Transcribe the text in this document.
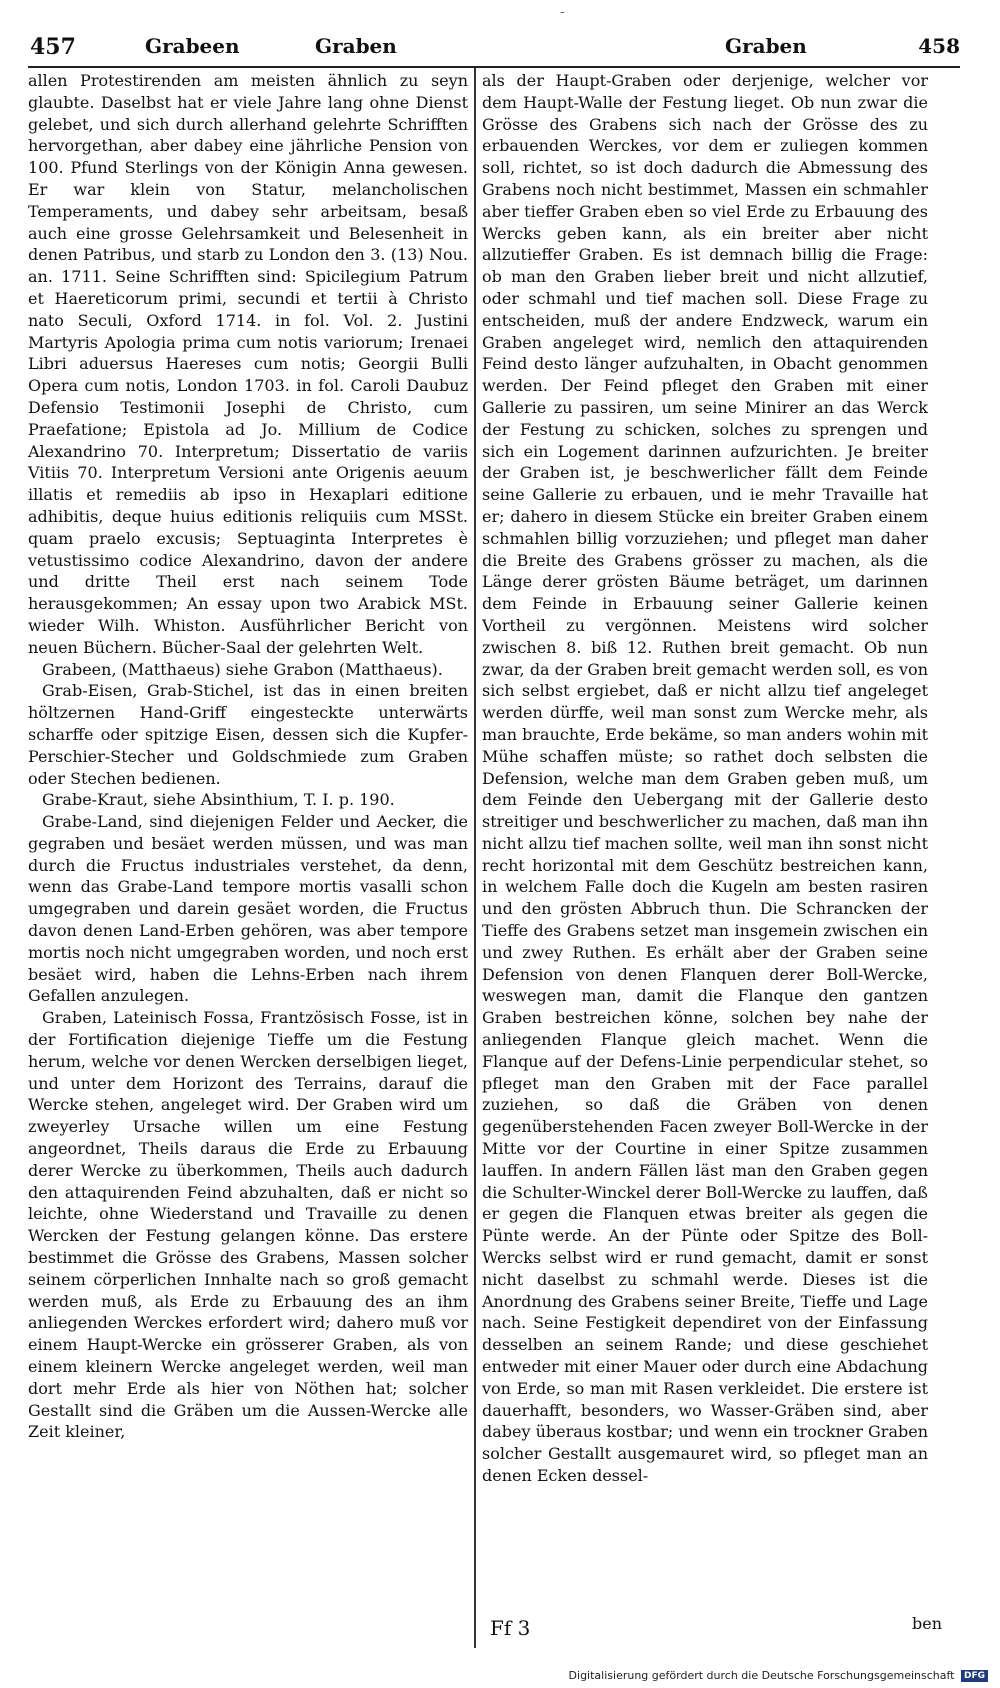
-
457	Grabeen	Graben	Graben	458

allen Protestirenden am meisten ähnlich zu seyn glaubte. Daselbst hat er viele Jahre lang ohne Dienst gelebet, und sich durch allerhand gelehrte Schrifften hervorgethan, aber dabey eine jährliche Pension von 100. Pfund Sterlings von der Königin Anna gewesen. Er war klein von Statur, melancholischen Temperaments, und dabey sehr arbeitsam, besaß auch eine grosse Gelehrsamkeit und Belesenheit in denen Patribus, und starb zu London den 3. (13) Nou. an. 1711. Seine Schrifften sind: Spicilegium Patrum et Haereticorum primi, secundi et tertii à Christo nato Seculi, Oxford 1714. in fol. Vol. 2. Justini Martyris Apologia prima cum notis variorum; Irenaei Libri aduersus Haereses cum notis; Georgii Bulli Opera cum notis, London 1703. in fol. Caroli Daubuz Defensio Testimonii Josephi de Christo, cum Praefatione; Epistola ad Jo. Millium de Codice Alexandrino 70. Interpretum; Dissertatio de variis Vitiis 70. Interpretum Versioni ante Origenis aeuum illatis et remediis ab ipso in Hexaplari editione adhibitis, deque huius editionis reliquiis cum MSSt. quam praelo excusis; Septuaginta Interpretes è vetustissimo codice Alexandrino, davon der andere und dritte Theil erst nach seinem Tode herausgekommen; An essay upon two Arabick MSt. wieder Wilh. Whiston. Ausführlicher Bericht von neuen Büchern. Bücher-Saal der gelehrten Welt.

Grabeen, (Matthaeus) siehe Grabon (Matthaeus).

Grab-Eisen, Grab-Stichel, ist das in einen breiten höltzernen Hand-Griff eingesteckte unterwärts scharffe oder spitzige Eisen, dessen sich die Kupfer-Perschier-Stecher und Goldschmiede zum Graben oder Stechen bedienen.

Grabe-Kraut, siehe Absinthium, T. I. p. 190.

Grabe-Land, sind diejenigen Felder und Aecker, die gegraben und besäet werden müssen, und was man durch die Fructus industriales verstehet, da denn, wenn das Grabe-Land tempore mortis vasalli schon umgegraben und darein gesäet worden, die Fructus davon denen Land-Erben gehören, was aber tempore mortis noch nicht umgegraben worden, und noch erst besäet wird, haben die Lehns-Erben nach ihrem Gefallen anzulegen.

Graben, Lateinisch Fossa, Frantzösisch Fosse, ist in der Fortification diejenige Tieffe um die Festung herum, welche vor denen Wercken derselbigen lieget, und unter dem Horizont des Terrains, darauf die Wercke stehen, angeleget wird. Der Graben wird um zweyerley Ursache willen um eine Festung angeordnet, Theils daraus die Erde zu Erbauung derer Wercke zu überkommen, Theils auch dadurch den attaquirenden Feind abzuhalten, daß er nicht so leichte, ohne Wiederstand und Travaille zu denen Wercken der Festung gelangen könne. Das erstere bestimmet die Grösse des Grabens, Massen solcher seinem cörperlichen Innhalte nach so groß gemacht werden muß, als Erde zu Erbauung des an ihm anliegenden Werckes erfordert wird; dahero muß vor einem Haupt-Wercke ein grösserer Graben, als von einem kleinern Wercke angeleget werden, weil man dort mehr Erde als hier von Nöthen hat; solcher Gestallt sind die Gräben um die Aussen-Wercke alle Zeit kleiner,

als der Haupt-Graben oder derjenige, welcher vor dem Haupt-Walle der Festung lieget. Ob nun zwar die Grösse des Grabens sich nach der Grösse des zu erbauenden Werckes, vor dem er zuliegen kommen soll, richtet, so ist doch dadurch die Abmessung des Grabens noch nicht bestimmet, Massen ein schmahler aber tieffer Graben eben so viel Erde zu Erbauung des Wercks geben kann, als ein breiter aber nicht allzutieffer Graben. Es ist demnach billig die Frage: ob man den Graben lieber breit und nicht allzutief, oder schmahl und tief machen soll. Diese Frage zu entscheiden, muß der andere Endzweck, warum ein Graben angeleget wird, nemlich den attaquirenden Feind desto länger aufzuhalten, in Obacht genommen werden. Der Feind pfleget den Graben mit einer Gallerie zu passiren, um seine Minirer an das Werck der Festung zu schicken, solches zu sprengen und sich ein Logement darinnen aufzurichten. Je breiter der Graben ist, je beschwerlicher fällt dem Feinde seine Gallerie zu erbauen, und ie mehr Travaille hat er; dahero in diesem Stücke ein breiter Graben einem schmahlen billig vorzuziehen; und pfleget man daher die Breite des Grabens grösser zu machen, als die Länge derer grösten Bäume beträget, um darinnen dem Feinde in Erbauung seiner Gallerie keinen Vortheil zu vergönnen. Meistens wird solcher zwischen 8. biß 12. Ruthen breit gemacht. Ob nun zwar, da der Graben breit gemacht werden soll, es von sich selbst ergiebet, daß er nicht allzu tief angeleget werden dürffe, weil man sonst zum Wercke mehr, als man brauchte, Erde bekäme, so man anders wohin mit Mühe schaffen müste; so rathet doch selbsten die Defension, welche man dem Graben geben muß, um dem Feinde den Uebergang mit der Gallerie desto streitiger und beschwerlicher zu machen, daß man ihn nicht allzu tief machen sollte, weil man ihn sonst nicht recht horizontal mit dem Geschütz bestreichen kann, in welchem Falle doch die Kugeln am besten rasiren und den grösten Abbruch thun. Die Schrancken der Tieffe des Grabens setzet man insgemein zwischen ein und zwey Ruthen. Es erhält aber der Graben seine Defension von denen Flanquen derer Boll-Wercke, weswegen man, damit die Flanque den gantzen Graben bestreichen könne, solchen bey nahe der anliegenden Flanque gleich machet. Wenn die Flanque auf der Defens-Linie perpendicular stehet, so pfleget man den Graben mit der Face parallel zuziehen, so daß die Gräben von denen gegenüberstehenden Facen zweyer Boll-Wercke in der Mitte vor der Courtine in einer Spitze zusammen lauffen. In andern Fällen läst man den Graben gegen die Schulter-Winckel derer Boll-Wercke zu lauffen, daß er gegen die Flanquen etwas breiter als gegen die Pünte werde. An der Pünte oder Spitze des Boll-Wercks selbst wird er rund gemacht, damit er sonst nicht daselbst zu schmahl werde. Dieses ist die Anordnung des Grabens seiner Breite, Tieffe und Lage nach. Seine Festigkeit dependiret von der Einfassung desselben an seinem Rande; und diese geschiehet entweder mit einer Mauer oder durch eine Abdachung von Erde, so man mit Rasen verkleidet. Die erstere ist dauerhafft, besonders, wo Wasser-Gräben sind, aber dabey überaus kostbar; und wenn ein trockner Graben solcher Gestallt ausgemauret wird, so pfleget man an denen Ecken dessel-

Ff 3	ben
Digitalisierung gefördert durch die Deutsche Forschungsgemeinschaft DFG
